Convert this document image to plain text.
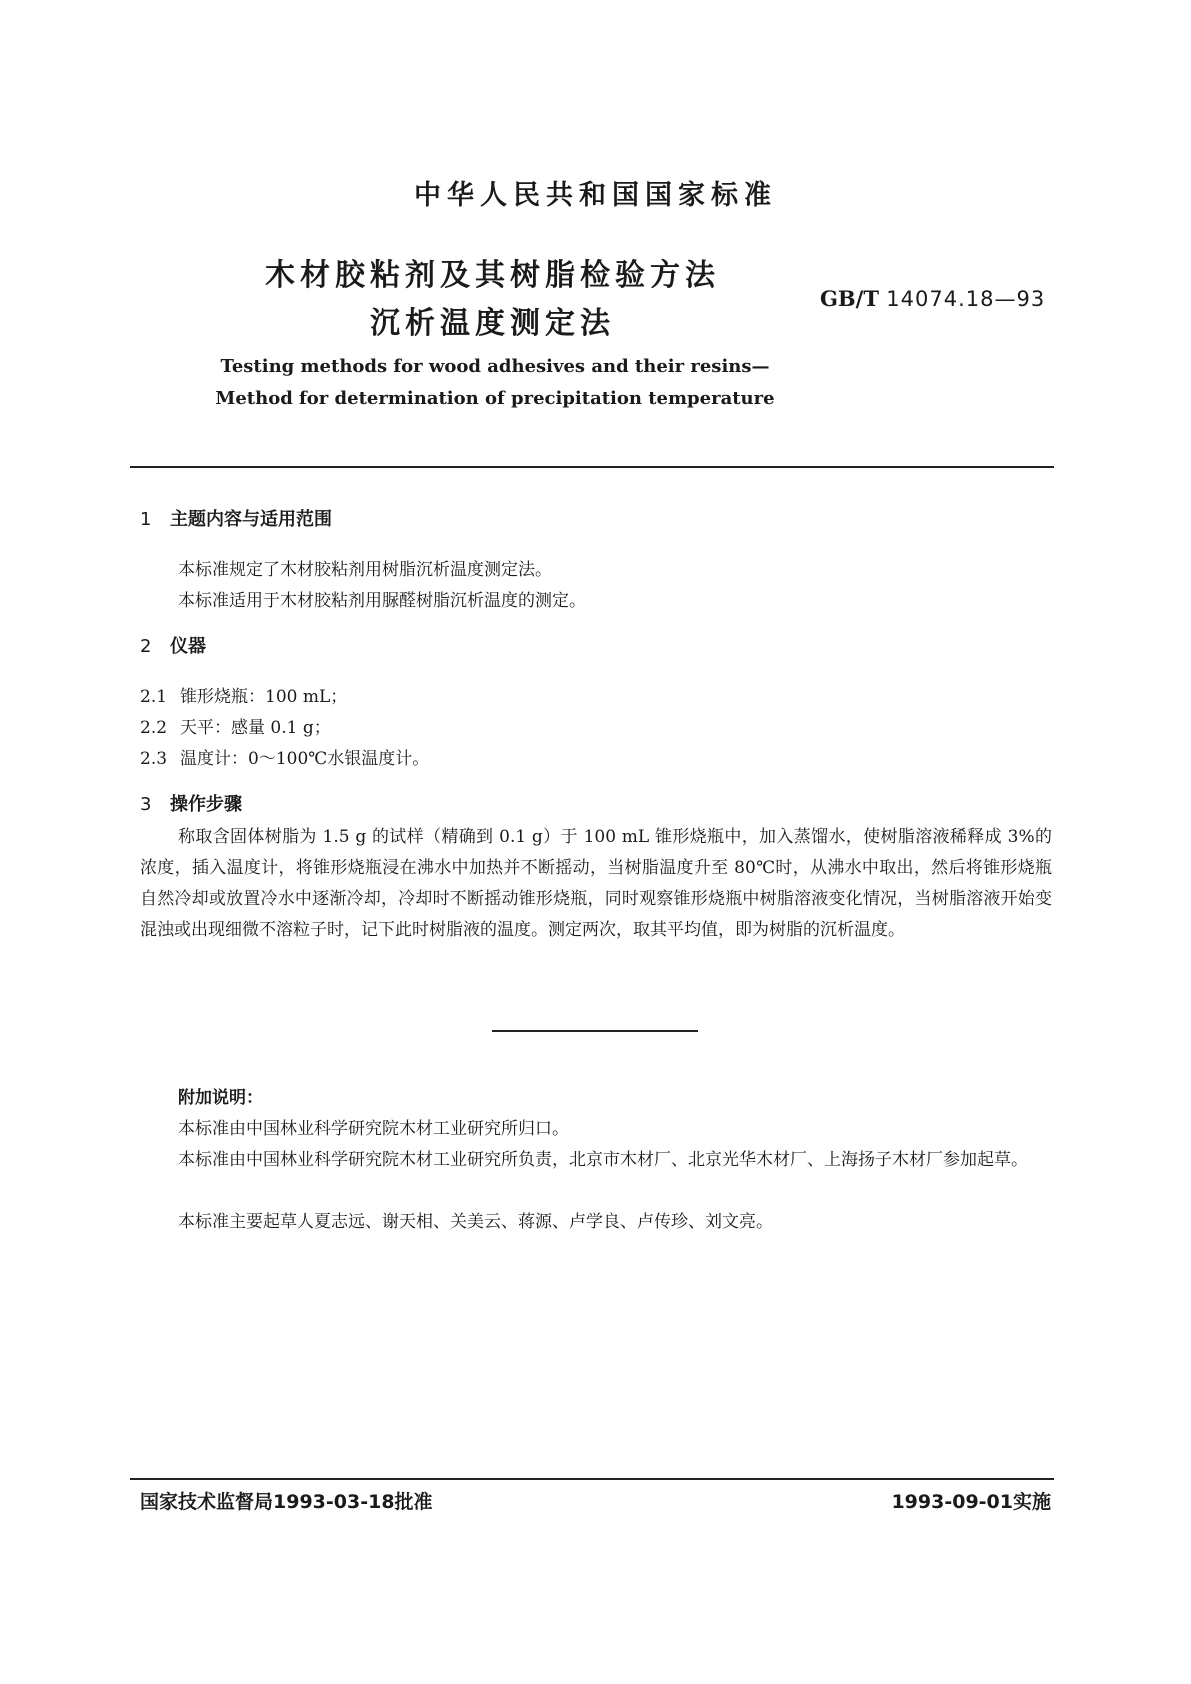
中华人民共和国国家标准
木材胶粘剂及其树脂检验方法
沉析温度测定法
GB/T 14074.18—93
Testing methods for wood adhesives and their resins—
Method for determination of precipitation temperature
1 主题内容与适用范围
本标准规定了木材胶粘剂用树脂沉析温度测定法。
本标准适用于木材胶粘剂用脲醛树脂沉析温度的测定。
2 仪器
2.1 锥形烧瓶：100 mL；
2.2 天平：感量 0.1 g；
2.3 温度计：0～100℃水银温度计。
3 操作步骤
称取含固体树脂为 1.5 g 的试样（精确到 0.1 g）于 100 mL 锥形烧瓶中，加入蒸馏水，使树脂溶液稀释成 3%的浓度，插入温度计，将锥形烧瓶浸在沸水中加热并不断摇动，当树脂温度升至 80℃时，从沸水中取出，然后将锥形烧瓶自然冷却或放置冷水中逐渐冷却，冷却时不断摇动锥形烧瓶，同时观察锥形烧瓶中树脂溶液变化情况，当树脂溶液开始变混浊或出现细微不溶粒子时，记下此时树脂液的温度。测定两次，取其平均值，即为树脂的沉析温度。
附加说明：
本标准由中国林业科学研究院木材工业研究所归口。
本标准由中国林业科学研究院木材工业研究所负责，北京市木材厂、北京光华木材厂、上海扬子木材厂参加起草。
本标准主要起草人夏志远、谢天相、关美云、蒋源、卢学良、卢传珍、刘文亮。
国家技术监督局1993-03-18批准	1993-09-01实施
